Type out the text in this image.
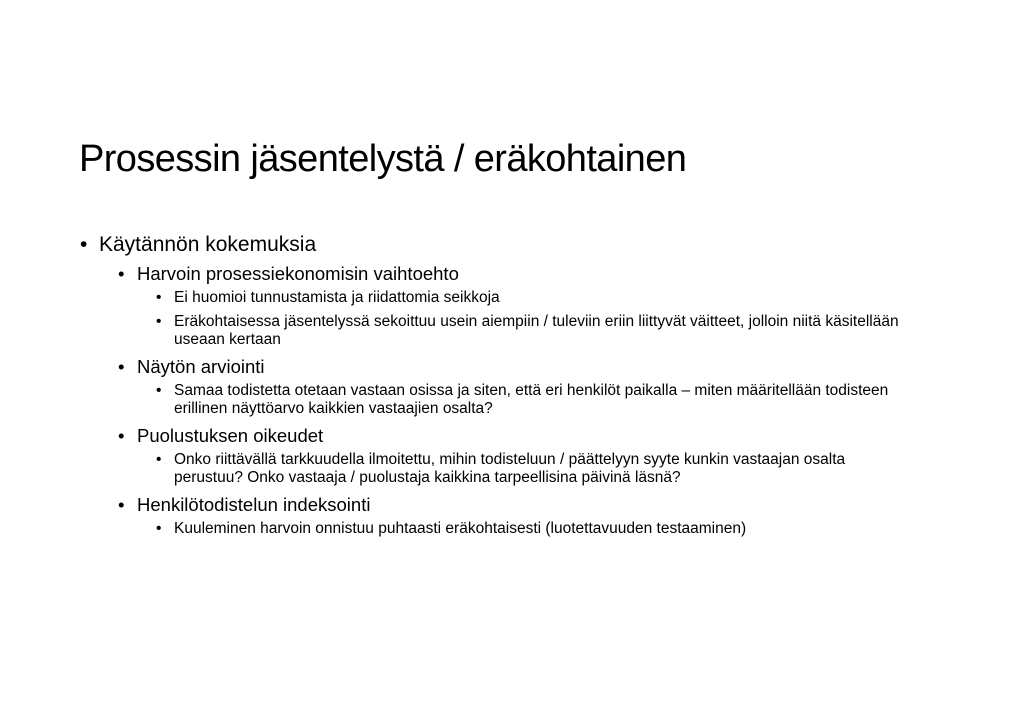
Prosessin jäsentelystä / eräkohtainen
• Käytännön kokemuksia
• Harvoin prosessiekonomisin vaihtoehto
• Ei huomioi tunnustamista ja riidattomia seikkoja
• Eräkohtaisessa jäsentelyssä sekoittuu usein aiempiin / tuleviin eriin liittyvät väitteet, jolloin niitä käsitellään useaan kertaan
• Näytön arviointi
• Samaa todistetta otetaan vastaan osissa ja siten, että eri henkilöt paikalla – miten määritellään todisteen erillinen näyttöarvo kaikkien vastaajien osalta?
• Puolustuksen oikeudet
• Onko riittävällä tarkkuudella ilmoitettu, mihin todisteluun / päättelyyn syyte kunkin vastaajan osalta perustuu? Onko vastaaja / puolustaja kaikkina tarpeellisina päivinä läsnä?
• Henkilötodistelun indeksointi
• Kuuleminen harvoin onnistuu puhtaasti eräkohtaisesti (luotettavuuden testaaminen)
